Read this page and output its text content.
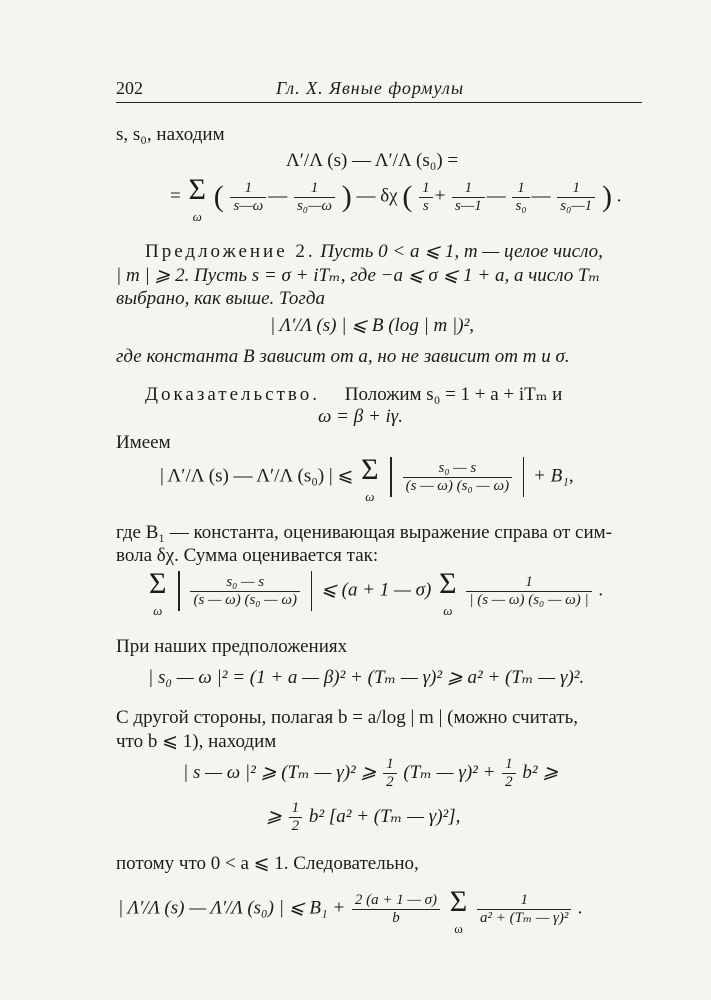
202	Гл. X. Явные формулы
s, s₀, находим
Λ′/Λ (s) — Λ′/Λ (s₀) =
= Σ
ω
( $\frac{1}{s—\omega}$ — $\frac{1}{\text{s₀—ω}}$ ) — δχ ( $\frac{1}{s} + \frac{1}{s—1}$ — $\frac{1}{\text{s₀}}$ — $\frac{1}{\text{s₀—1}}$ ) .
Предложение 2. Пусть 0 < a ⩽ 1, m — целое число,
| m | ⩾ 2. Пусть s = σ + iTₘ, где −a ⩽ σ ⩽ 1 + a, а число Tₘ
выбрано, как выше. Тогда
| Λ′/Λ (s) | ⩽ B (log | m |)²,
где константа B зависит от a, но не зависит от m и σ.
Доказательство. Положим s₀ = 1 + a + iTₘ и
ω = β + iγ.
Имеем
| Λ′/Λ (s) — Λ′/Λ (s₀) | ⩽ Σ
ω

$\frac{\text{s₀ — s}}{\text{(s — ω) (s₀ — ω)}} + B_1$,
где B₁ — константа, оценивающая выражение справа от сим-
вола δχ. Сумма оценивается так:
Σ
ω

$\frac{\text{s₀ — s}}{\text{(s — ω) (s₀ — ω)}}$ ⩽ (a + 1 — σ) Σ
ω

$\frac{1}{\text{| (s — ω) (s₀ — ω) |}}$ .
При наших предположениях
| s₀ — ω |² = (1 + a — β)² + (Tₘ — γ)² ⩾ a² + (Tₘ — γ)².
С другой стороны, полагая b = a/log | m | (можно считать,
что b ⩽ 1), находим
| s — ω |² ⩾ (Tₘ — γ)² ⩾ $\frac{1}{2} (T_m$ — $\gamma)^2 + \frac{1}{2} b^2$ ⩾
⩾ $\frac{1}{2} b^2$ [a² + (Tₘ — γ)²],
потому что 0 < a ⩽ 1. Следовательно,
| Λ′/Λ (s) — Λ′/Λ (s₀) | ⩽ $B_1 + \frac{2 (a + 1 — \sigma)}{b}$
Σ
ω

$\frac{1}{\text{a² + (Tₘ — γ)²}}$ .
